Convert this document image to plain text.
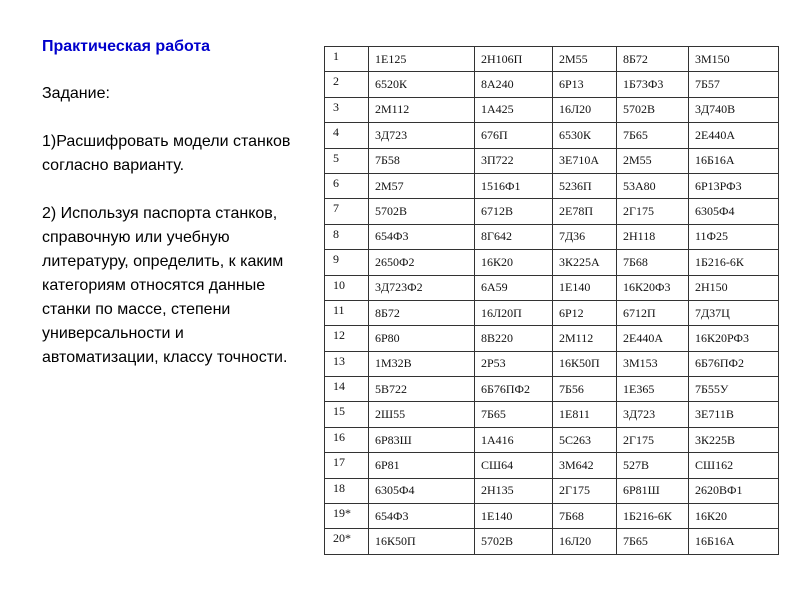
Практическая работа
Задание:
1)Расшифровать модели станков согласно варианту.
2) Используя паспорта станков, справочную или учебную литературу, определить, к каким категориям относятся данные станки по массе, степени универсальности и автоматизации, классу точности.
1	1Е125	2Н106П	2М55	8Б72	3М150
2	6520К	8А240	6Р13	1Б73Ф3	7Б57
3	2М112	1А425	16Л20	5702В	3Д740В
4	3Д723	676П	6530К	7Б65	2Е440А
5	7Б58	3П722	3Е710А	2М55	16Б16А
6	2М57	1516Ф1	5236П	53А80	6Р13РФ3
7	5702В	6712В	2Е78П	2Г175	6305Ф4
8	654Ф3	8Г642	7Д36	2Н118	11Ф25
9	2650Ф2	16К20	3К225А	7Б68	1Б216-6К
10	3Д723Ф2	6А59	1Е140	16К20Ф3	2Н150
11	8Б72	16Л20П	6Р12	6712П	7Д37Ц
12	6Р80	8В220	2М112	2Е440А	16К20РФ3
13	1М32В	2Р53	16К50П	3М153	6Б76ПФ2
14	5В722	6Б76ПФ2	7Б56	1Е365	7Б55У
15	2Ш55	7Б65	1Е811	3Д723	3Е711В
16	6Р83Ш	1А416	5С263	2Г175	3К225В
17	6Р81	СШ64	3М642	527В	СШ162
18	6305Ф4	2Н135	2Г175	6Р81Ш	2620ВФ1
19*	654Ф3	1Е140	7Б68	1Б216-6К	16К20
20*	16К50П	5702В	16Л20	7Б65	16Б16А
